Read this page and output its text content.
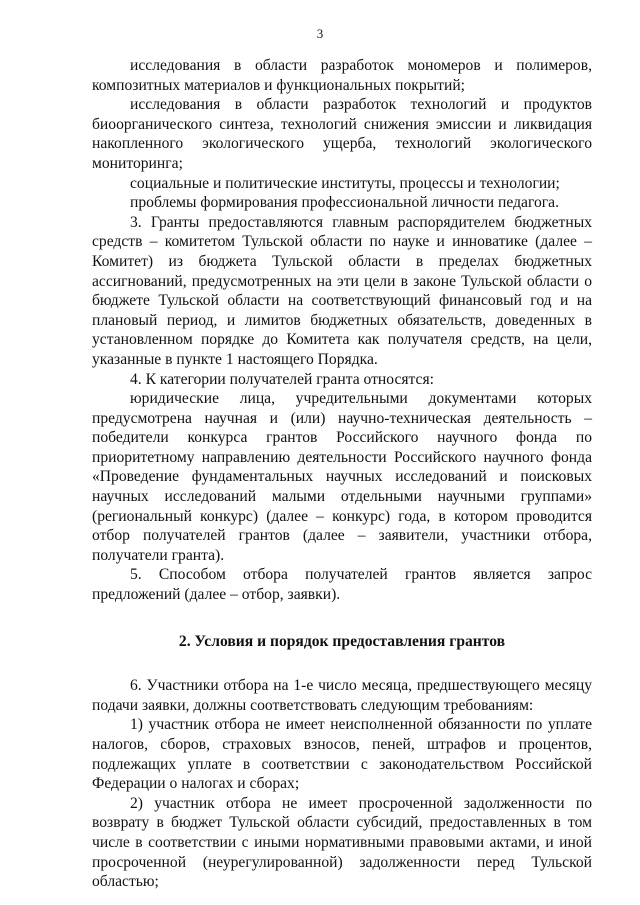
3

исследования в области разработок мономеров и полимеров, композитных материалов и функциональных покрытий;

исследования в области разработок технологий и продуктов биоорганического синтеза, технологий снижения эмиссии и ликвидация накопленного экологического ущерба, технологий экологического мониторинга;

социальные и политические институты, процессы и технологии;

проблемы формирования профессиональной личности педагога.

3. Гранты предоставляются главным распорядителем бюджетных средств – комитетом Тульской области по науке и инноватике (далее – Комитет) из бюджета Тульской области в пределах бюджетных ассигнований, предусмотренных на эти цели в законе Тульской области о бюджете Тульской области на соответствующий финансовый год и на плановый период, и лимитов бюджетных обязательств, доведенных в установленном порядке до Комитета как получателя средств, на цели, указанные в пункте 1 настоящего Порядка.

4. К категории получателей гранта относятся:

юридические лица, учредительными документами которых предусмотрена научная и (или) научно-техническая деятельность – победители конкурса грантов Российского научного фонда по приоритетному направлению деятельности Российского научного фонда «Проведение фундаментальных научных исследований и поисковых научных исследований малыми отдельными научными группами» (региональный конкурс) (далее – конкурс) года, в котором проводится отбор получателей грантов (далее – заявители, участники отбора, получатели гранта).

5. Способом отбора получателей грантов является запрос предложений (далее – отбор, заявки).

2. Условия и порядок предоставления грантов

6. Участники отбора на 1-е число месяца, предшествующего месяцу подачи заявки, должны соответствовать следующим требованиям:

1) участник отбора не имеет неисполненной обязанности по уплате налогов, сборов, страховых взносов, пеней, штрафов и процентов, подлежащих уплате в соответствии с законодательством Российской Федерации о налогах и сборах;

2) участник отбора не имеет просроченной задолженности по возврату в бюджет Тульской области субсидий, предоставленных в том числе в соответствии с иными нормативными правовыми актами, и иной просроченной (неурегулированной) задолженности перед Тульской областью;
